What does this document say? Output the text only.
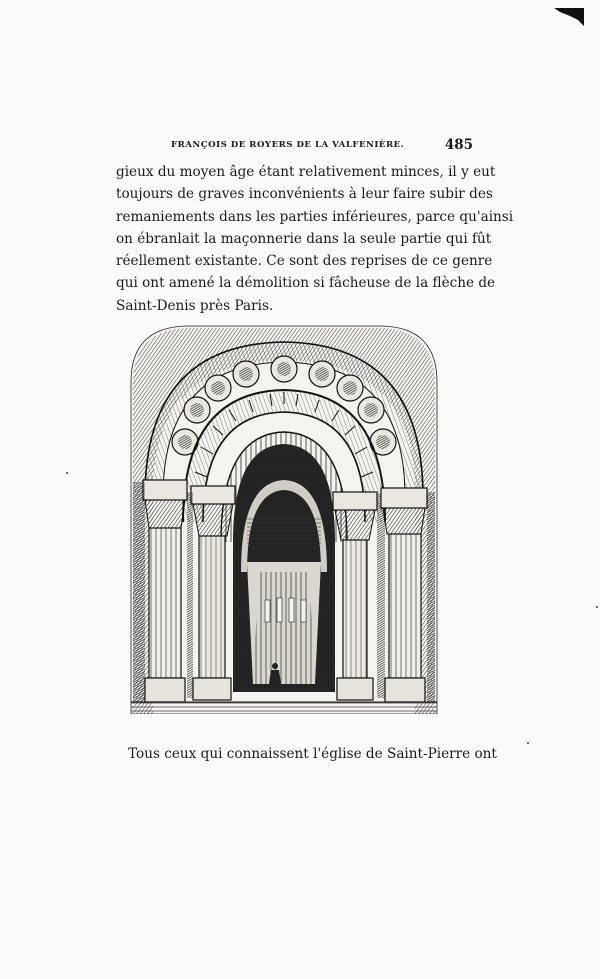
FRANÇOIS DE ROYERS DE LA VALFENIÈRE.	485
gieux du moyen âge étant relativement minces, il y eut
toujours de graves inconvénients à leur faire subir des
remaniements dans les parties inférieures, parce qu'ainsi
on ébranlait la maçonnerie dans la seule partie qui fût
réellement existante. Ce sont des reprises de ce genre
qui ont amené la démolition si fâcheuse de la flèche de
Saint-Denis près Paris.
Tous ceux qui connaissent l'église de Saint-Pierre ont
